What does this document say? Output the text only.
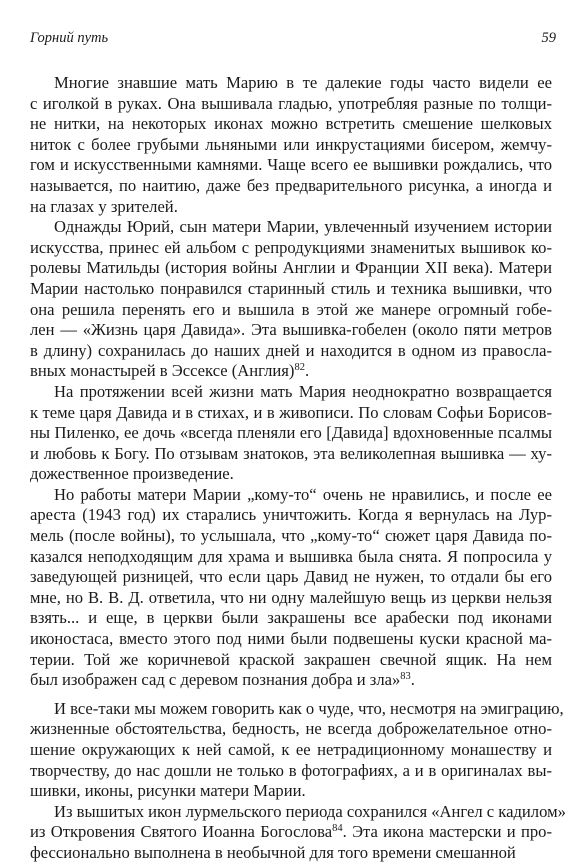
Горний путь	59

Многие знавшие мать Марию в те далекие годы часто видели ее
с иголкой в руках. Она вышивала гладью, употребляя разные по толщи-
не нитки, на некоторых иконах можно встретить смешение шелковых
ниток с более грубыми льняными или инкрустациями бисером, жемчу-
гом и искусственными камнями. Чаще всего ее вышивки рождались, что
называется, по наитию, даже без предварительного рисунка, а иногда и
на глазах у зрителей.

Однажды Юрий, сын матери Марии, увлеченный изучением истории
искусства, принес ей альбом с репродукциями знаменитых вышивок ко-
ролевы Матильды (история войны Англии и Франции XII века). Матери
Марии настолько понравился старинный стиль и техника вышивки, что
она решила перенять его и вышила в этой же манере огромный гобе-
лен — «Жизнь царя Давида». Эта вышивка-гобелен (около пяти метров
в длину) сохранилась до наших дней и находится в одном из правосла-
вных монастырей в Эссексе (Англия)$^{82}$.

На протяжении всей жизни мать Мария неоднократно возвращается
к теме царя Давида и в стихах, и в живописи. По словам Софьи Борисов-
ны Пиленко, ее дочь «всегда пленяли его [Давида] вдохновенные псалмы
и любовь к Богу. По отзывам знатоков, эта великолепная вышивка — ху-
дожественное произведение.

Но работы матери Марии „кому-то“ очень не нравились, и после ее
ареста (1943 год) их старались уничтожить. Когда я вернулась на Лур-
мель (после войны), то услышала, что „кому-то“ сюжет царя Давида по-
казался неподходящим для храма и вышивка была снята. Я попросила у
заведующей ризницей, что если царь Давид не нужен, то отдали бы его
мне, но В. В. Д. ответила, что ни одну малейшую вещь из церкви нельзя
взять... и еще, в церкви были закрашены все арабески под иконами
иконостаса, вместо этого под ними были подвешены куски красной ма-
терии. Той же коричневой краской закрашен свечной ящик. На нем
был изображен сад с деревом познания добра и зла»$^{83}$.

И все-таки мы можем говорить как о чуде, что, несмотря на эмиграцию,
жизненные обстоятельства, бедность, не всегда доброжелательное отно-
шение окружающих к ней самой, к ее нетрадиционному монашеству и
творчеству, до нас дошли не только в фотографиях, а и в оригиналах вы-
шивки, иконы, рисунки матери Марии.

Из вышитых икон лурмельского периода сохранился «Ангел с кадилом»
из Откровения Святого Иоанна Богослова$^{84}$. Эта икона мастерски и про-
фессионально выполнена в необычной для того времени смешанной
